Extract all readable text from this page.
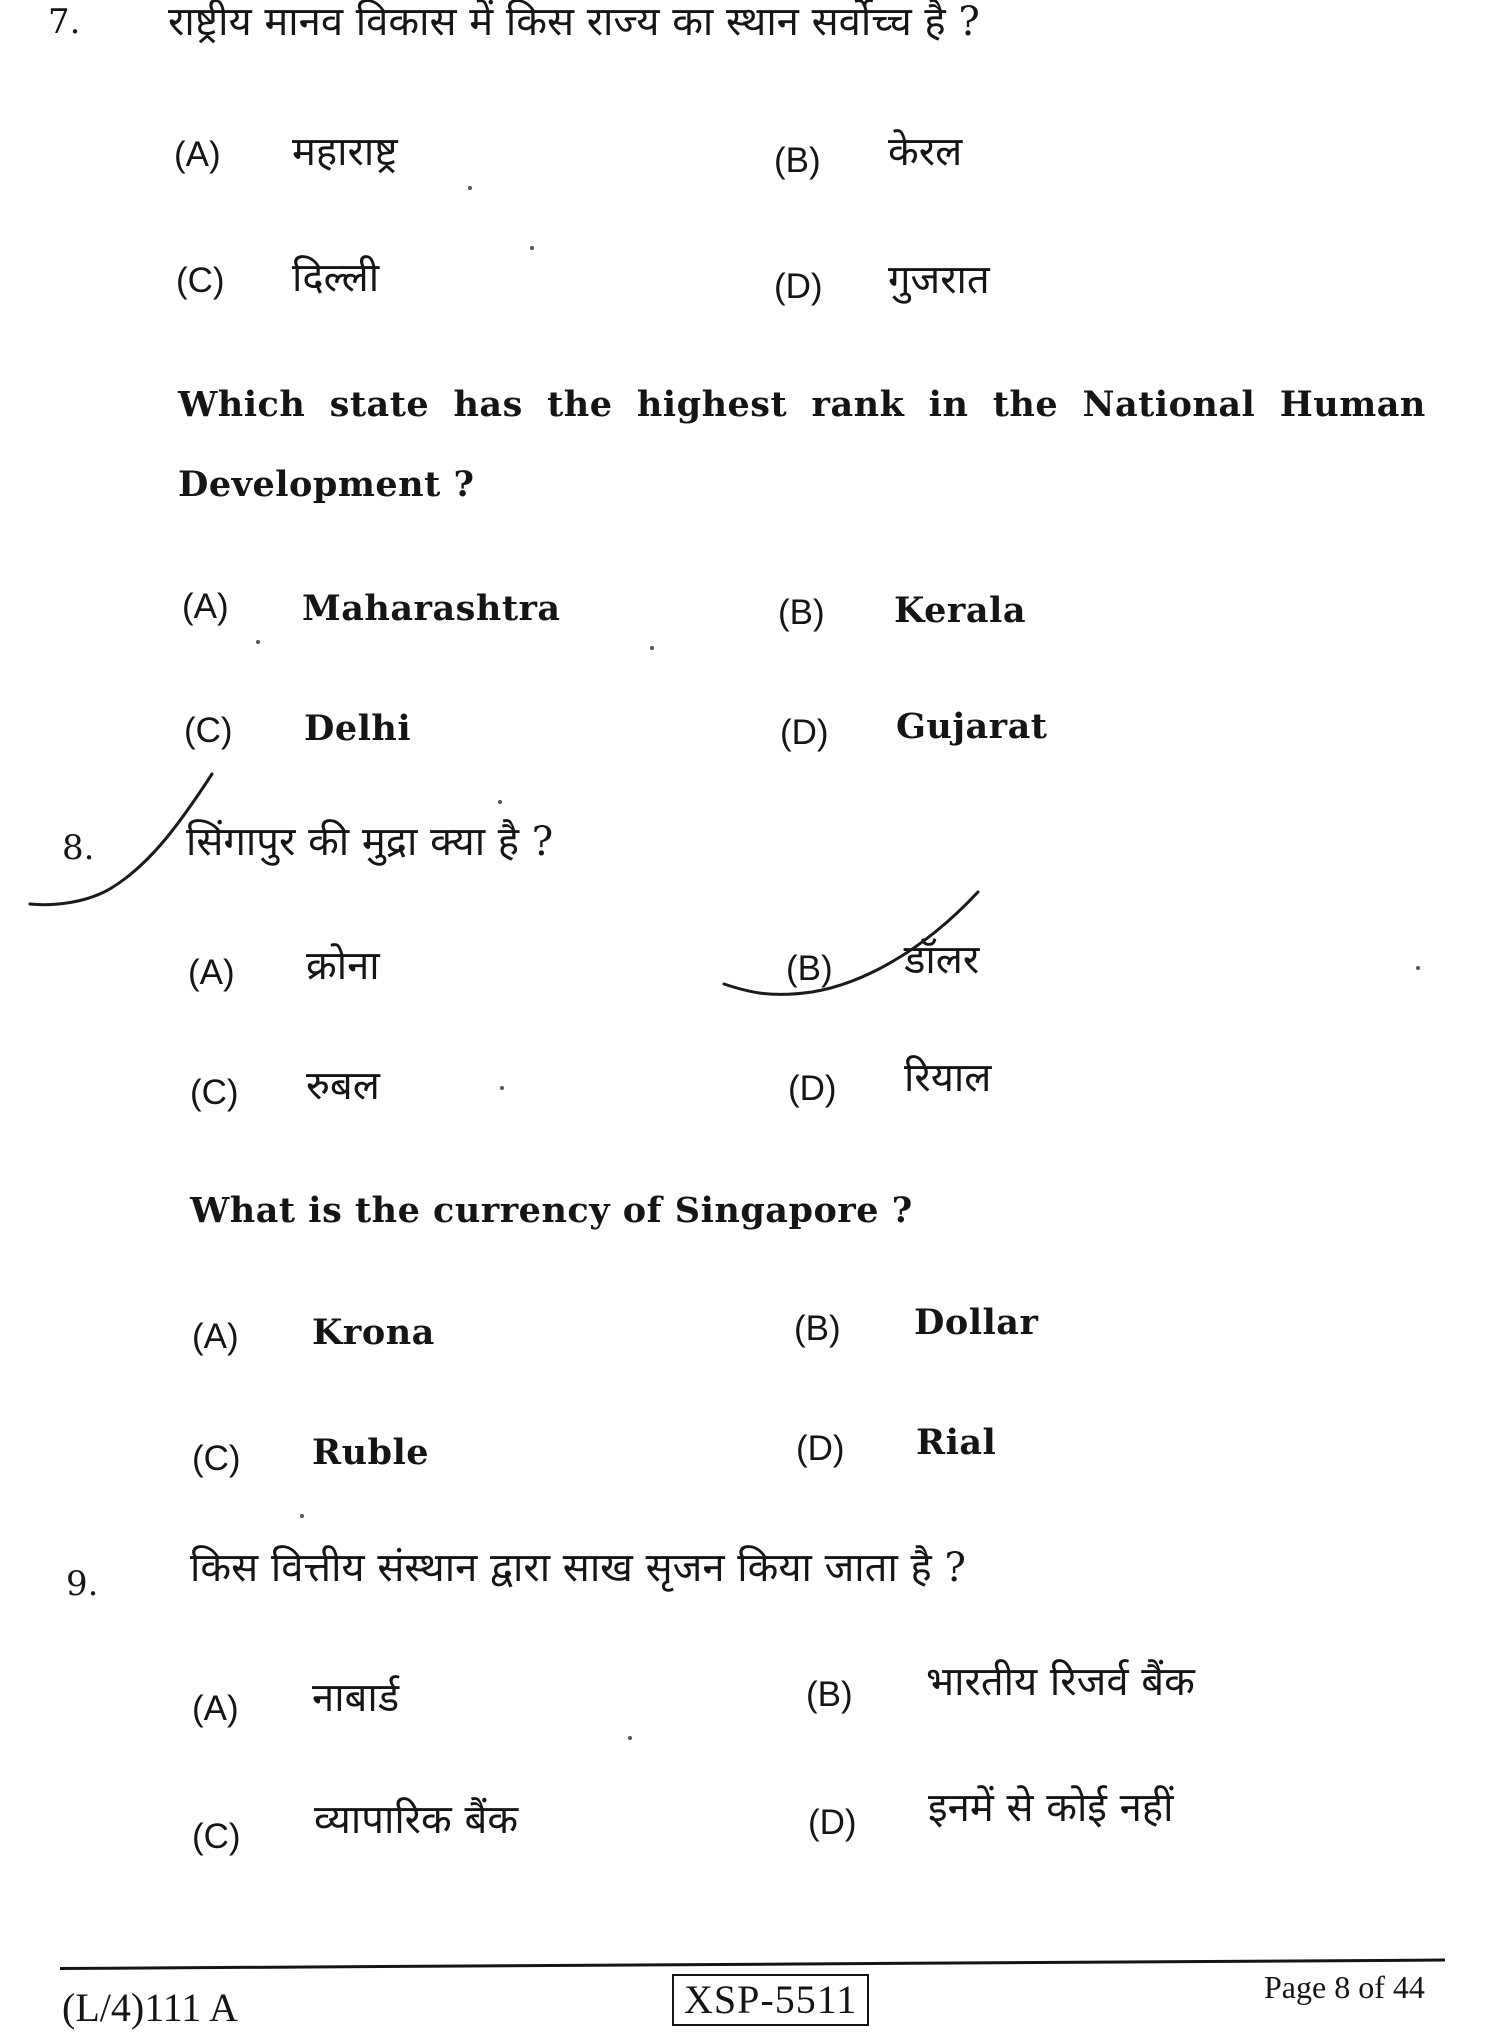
7. राष्ट्रीय मानव विकास में किस राज्य का स्थान सर्वोच्च है ?
(A) महाराष्ट्र	(B) केरल
(C) दिल्ली	(D) गुजरात
Which state has the highest rank in the National Human
Development ?
(A) Maharashtra	(B) Kerala
(C) Delhi	(D) Gujarat
8. सिंगापुर की मुद्रा क्या है ?
(A) क्रोना	(B) डॉलर
(C) रुबल	(D) रियाल
What is the currency of Singapore ?
(A) Krona	(B) Dollar
(C) Ruble	(D) Rial
9. किस वित्तीय संस्थान द्वारा साख सृजन किया जाता है ?
(A) नाबार्ड	(B) भारतीय रिजर्व बैंक
(C) व्यापारिक बैंक	(D) इनमें से कोई नहीं
(L/4)111 A	XSP-5511	Page 8 of 44
